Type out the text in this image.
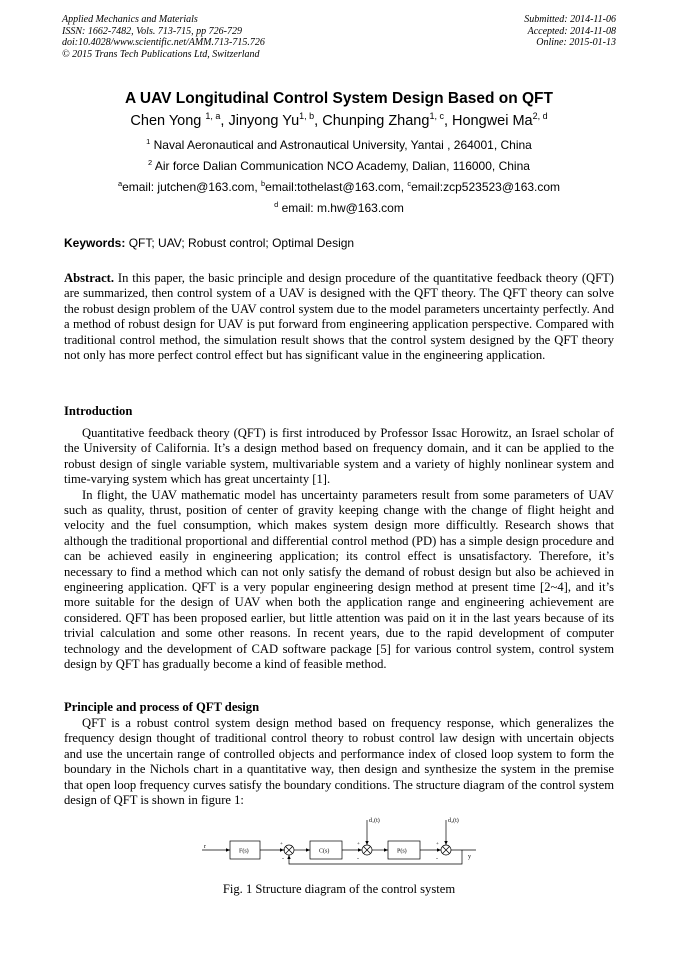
Applied Mechanics and Materials
ISSN: 1662-7482, Vols. 713-715, pp 726-729
doi:10.4028/www.scientific.net/AMM.713-715.726
© 2015 Trans Tech Publications Ltd, Switzerland
Submitted: 2014-11-06
Accepted: 2014-11-08
Online: 2015-01-13
A UAV Longitudinal Control System Design Based on QFT
Chen Yong $^{1, a}$, Jinyong Yu$^{1, b}$, Chunping Zhang$^{1, c}$, Hongwei Ma$^{2, d}$
$^1$ Naval Aeronautical and Astronautical University, Yantai , 264001, China
$^2$ Air force Dalian Communication NCO Academy, Dalian, 116000, China
$^a$email: jutchen@163.com, $^b$email:tothelast@163.com, $^c$email:zcp523523@163.com
$^d$ email: m.hw@163.com
Keywords: QFT; UAV; Robust control; Optimal Design

Abstract. In this paper, the basic principle and design procedure of the quantitative feedback theory (QFT) are summarized, then control system of a UAV is designed with the QFT theory. The QFT theory can solve the robust design problem of the UAV control system due to the model parameters uncertainty perfectly. And a method of robust design for UAV is put forward from engineering application perspective. Compared with traditional control method, the simulation result shows that the control system designed by the QFT theory not only has more perfect control effect but has significant value in the engineering application.

Introduction

Quantitative feedback theory (QFT) is first introduced by Professor Issac Horowitz, an Israel scholar of the University of California. It’s a design method based on frequency domain, and it can be applied to the robust design of single variable system, multivariable system and a variety of highly nonlinear system and time-varying system which has great uncertainty [1].

In flight, the UAV mathematic model has uncertainty parameters result from some parameters of UAV such as quality, thrust, position of center of gravity keeping change with the change of flight height and velocity and the fuel consumption, which makes system design more difficultly. Research shows that although the traditional proportional and differential control method (PD) has a simple design procedure and can be achieved easily in engineering application; its control effect is unsatisfactory. Therefore, it’s necessary to find a method which can not only satisfy the demand of robust design but also be achieved in engineering application. QFT is a very popular engineering design method at present time [2~4], and it’s more suitable for the design of UAV when both the application range and engineering achievement are considered. QFT has been proposed earlier, but little attention was paid on it in the last years because of its trivial calculation and some other reasons. In recent years, due to the rapid development of computer technology and the development of CAD software package [5] for various control system, control system design by QFT has gradually become a kind of feasible method.

Principle and process of QFT design

QFT is a robust control system design method based on frequency response, which generalizes the frequency design thought of traditional control theory to robust control law design with uncertain objects and use the uncertain range of controlled objects and performance index of closed loop system to form the boundary in the Nichols chart in a quantitative way, then design and synthesize the system in the premise that open loop frequency curves satisfy the boundary conditions. The structure diagram of the control system design of QFT is shown in figure 1:

r
F(s)	C(s)	P(s)
d₁(t)	d₂(t)
y
+
-
+
-
+
-
Fig. 1 Structure diagram of the control system
